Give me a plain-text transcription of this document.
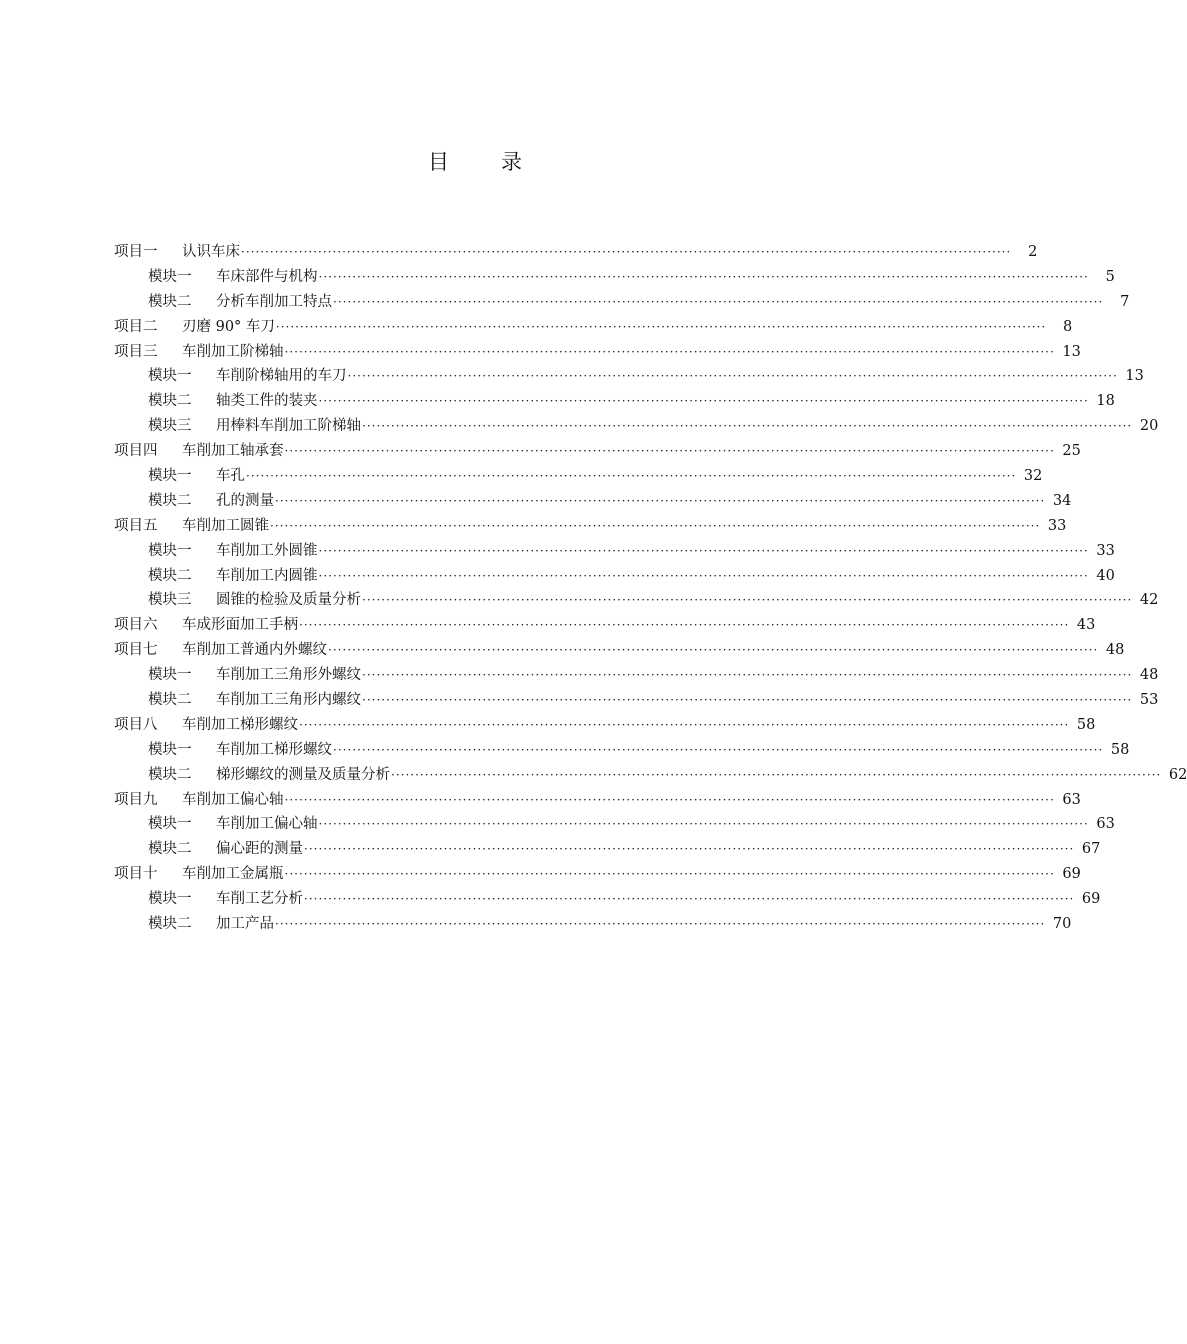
目 录
项目一 认识车床 ································································································································································	2
模块一 车床部件与机构 ································································································································································	5
模块二 分析车削加工特点 ································································································································································	7
项目二 刃磨 90° 车刀 ································································································································································	8
项目三 车削加工阶梯轴 ································································································································································ 13
模块一 车削阶梯轴用的车刀 ································································································································································ 13
模块二 轴类工件的装夹 ································································································································································ 18
模块三 用棒料车削加工阶梯轴 ································································································································································ 20
项目四 车削加工轴承套 ································································································································································ 25
模块一 车孔 ································································································································································ 32
模块二 孔的测量 ································································································································································ 34
项目五 车削加工圆锥 ································································································································································ 33
模块一 车削加工外圆锥 ································································································································································ 33
模块二 车削加工内圆锥 ································································································································································ 40
模块三 圆锥的检验及质量分析 ································································································································································ 42
项目六 车成形面加工手柄 ································································································································································ 43
项目七 车削加工普通内外螺纹 ································································································································································ 48
模块一 车削加工三角形外螺纹 ································································································································································ 48
模块二 车削加工三角形内螺纹 ································································································································································ 53
项目八 车削加工梯形螺纹 ································································································································································ 58
模块一 车削加工梯形螺纹 ································································································································································ 58
模块二 梯形螺纹的测量及质量分析 ································································································································································ 62
项目九 车削加工偏心轴 ································································································································································ 63
模块一 车削加工偏心轴 ································································································································································ 63
模块二 偏心距的测量 ································································································································································ 67
项目十 车削加工金属瓶 ································································································································································ 69
模块一 车削工艺分析 ································································································································································ 69
模块二 加工产品 ································································································································································ 70
